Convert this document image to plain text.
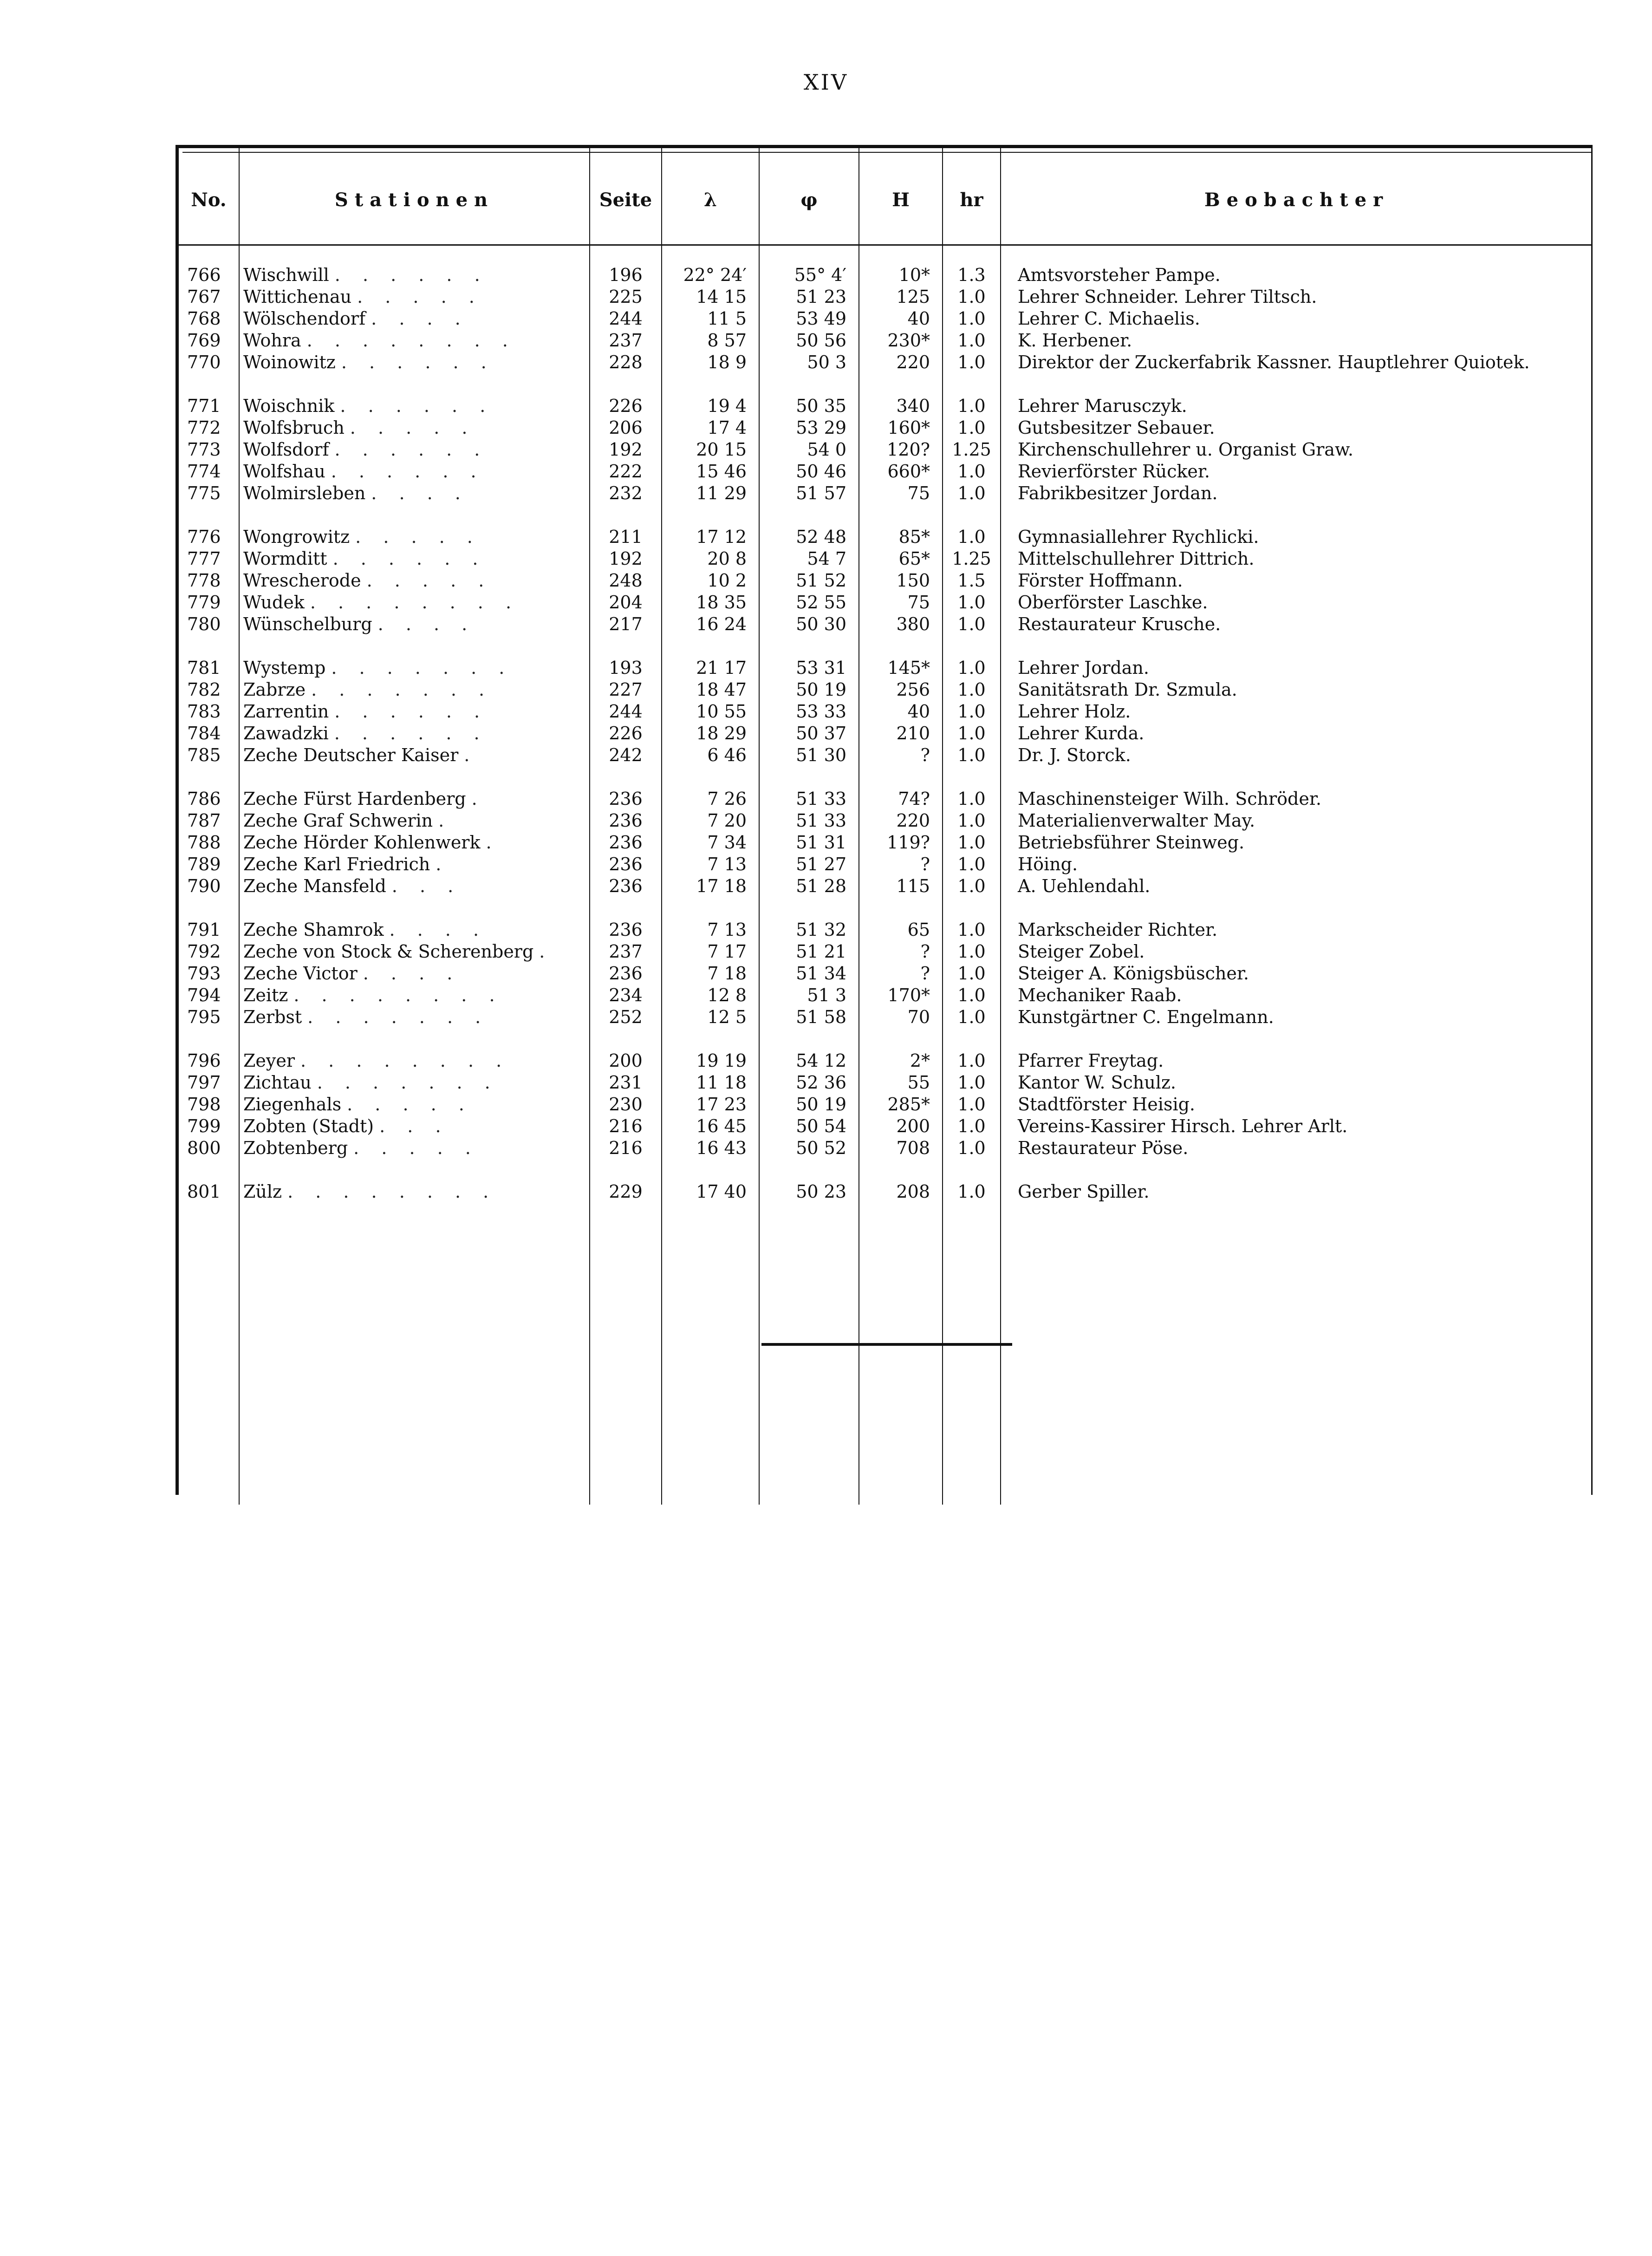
XIV
No.	Stationen	Seite	λ	φ	H	hr	Beobachter
766	Wischwill . . . . . .	196	22° 24′	55° 4′	10*	1.3	Amtsvorsteher Pampe.
767	Wittichenau . . . . .	225	14 15	51 23	125	1.0	Lehrer Schneider. Lehrer Tiltsch.
768	Wölschendorf . . . .	244	11 5	53 49	40	1.0	Lehrer C. Michaelis.
769	Wohra . . . . . . . .	237	8 57	50 56	230*	1.0	K. Herbener.
770	Woinowitz . . . . . .	228	18 9	50 3	220	1.0	Direktor der Zuckerfabrik Kassner. Hauptlehrer Quiotek.
771	Woischnik . . . . . .	226	19 4	50 35	340	1.0	Lehrer Marusczyk.
772	Wolfsbruch . . . . .	206	17 4	53 29	160*	1.0	Gutsbesitzer Sebauer.
773	Wolfsdorf . . . . . .	192	20 15	54 0	120?	1.25	Kirchenschullehrer u. Organist Graw.
774	Wolfshau . . . . . .	222	15 46	50 46	660*	1.0	Revierförster Rücker.
775	Wolmirsleben . . . .	232	11 29	51 57	75	1.0	Fabrikbesitzer Jordan.
776	Wongrowitz . . . . .	211	17 12	52 48	85*	1.0	Gymnasiallehrer Rychlicki.
777	Wormditt . . . . . .	192	20 8	54 7	65*	1.25	Mittelschullehrer Dittrich.
778	Wrescherode . . . . .	248	10 2	51 52	150	1.5	Förster Hoffmann.
779	Wudek . . . . . . . .	204	18 35	52 55	75	1.0	Oberförster Laschke.
780	Wünschelburg . . . .	217	16 24	50 30	380	1.0	Restaurateur Krusche.
781	Wystemp . . . . . . .	193	21 17	53 31	145*	1.0	Lehrer Jordan.
782	Zabrze . . . . . . .	227	18 47	50 19	256	1.0	Sanitätsrath Dr. Szmula.
783	Zarrentin . . . . . .	244	10 55	53 33	40	1.0	Lehrer Holz.
784	Zawadzki . . . . . .	226	18 29	50 37	210	1.0	Lehrer Kurda.
785	Zeche Deutscher Kaiser .	242	6 46	51 30	?	1.0	Dr. J. Storck.
786	Zeche Fürst Hardenberg .	236	7 26	51 33	74?	1.0	Maschinensteiger Wilh. Schröder.
787	Zeche Graf Schwerin .	236	7 20	51 33	220	1.0	Materialienverwalter May.
788	Zeche Hörder Kohlenwerk .	236	7 34	51 31	119?	1.0	Betriebsführer Steinweg.
789	Zeche Karl Friedrich .	236	7 13	51 27	?	1.0	Höing.
790	Zeche Mansfeld . . .	236	17 18	51 28	115	1.0	A. Uehlendahl.
791	Zeche Shamrok . . . .	236	7 13	51 32	65	1.0	Markscheider Richter.
792	Zeche von Stock & Scherenberg .	237	7 17	51 21	?	1.0	Steiger Zobel.
793	Zeche Victor . . . .	236	7 18	51 34	?	1.0	Steiger A. Königsbüscher.
794	Zeitz . . . . . . . .	234	12 8	51 3	170*	1.0	Mechaniker Raab.
795	Zerbst . . . . . . .	252	12 5	51 58	70	1.0	Kunstgärtner C. Engelmann.
796	Zeyer . . . . . . . .	200	19 19	54 12	2*	1.0	Pfarrer Freytag.
797	Zichtau . . . . . . .	231	11 18	52 36	55	1.0	Kantor W. Schulz.
798	Ziegenhals . . . . .	230	17 23	50 19	285*	1.0	Stadtförster Heisig.
799	Zobten (Stadt) . . .	216	16 45	50 54	200	1.0	Vereins-Kassirer Hirsch. Lehrer Arlt.
800	Zobtenberg . . . . .	216	16 43	50 52	708	1.0	Restaurateur Pöse.
801	Zülz . . . . . . . .	229	17 40	50 23	208	1.0	Gerber Spiller.
